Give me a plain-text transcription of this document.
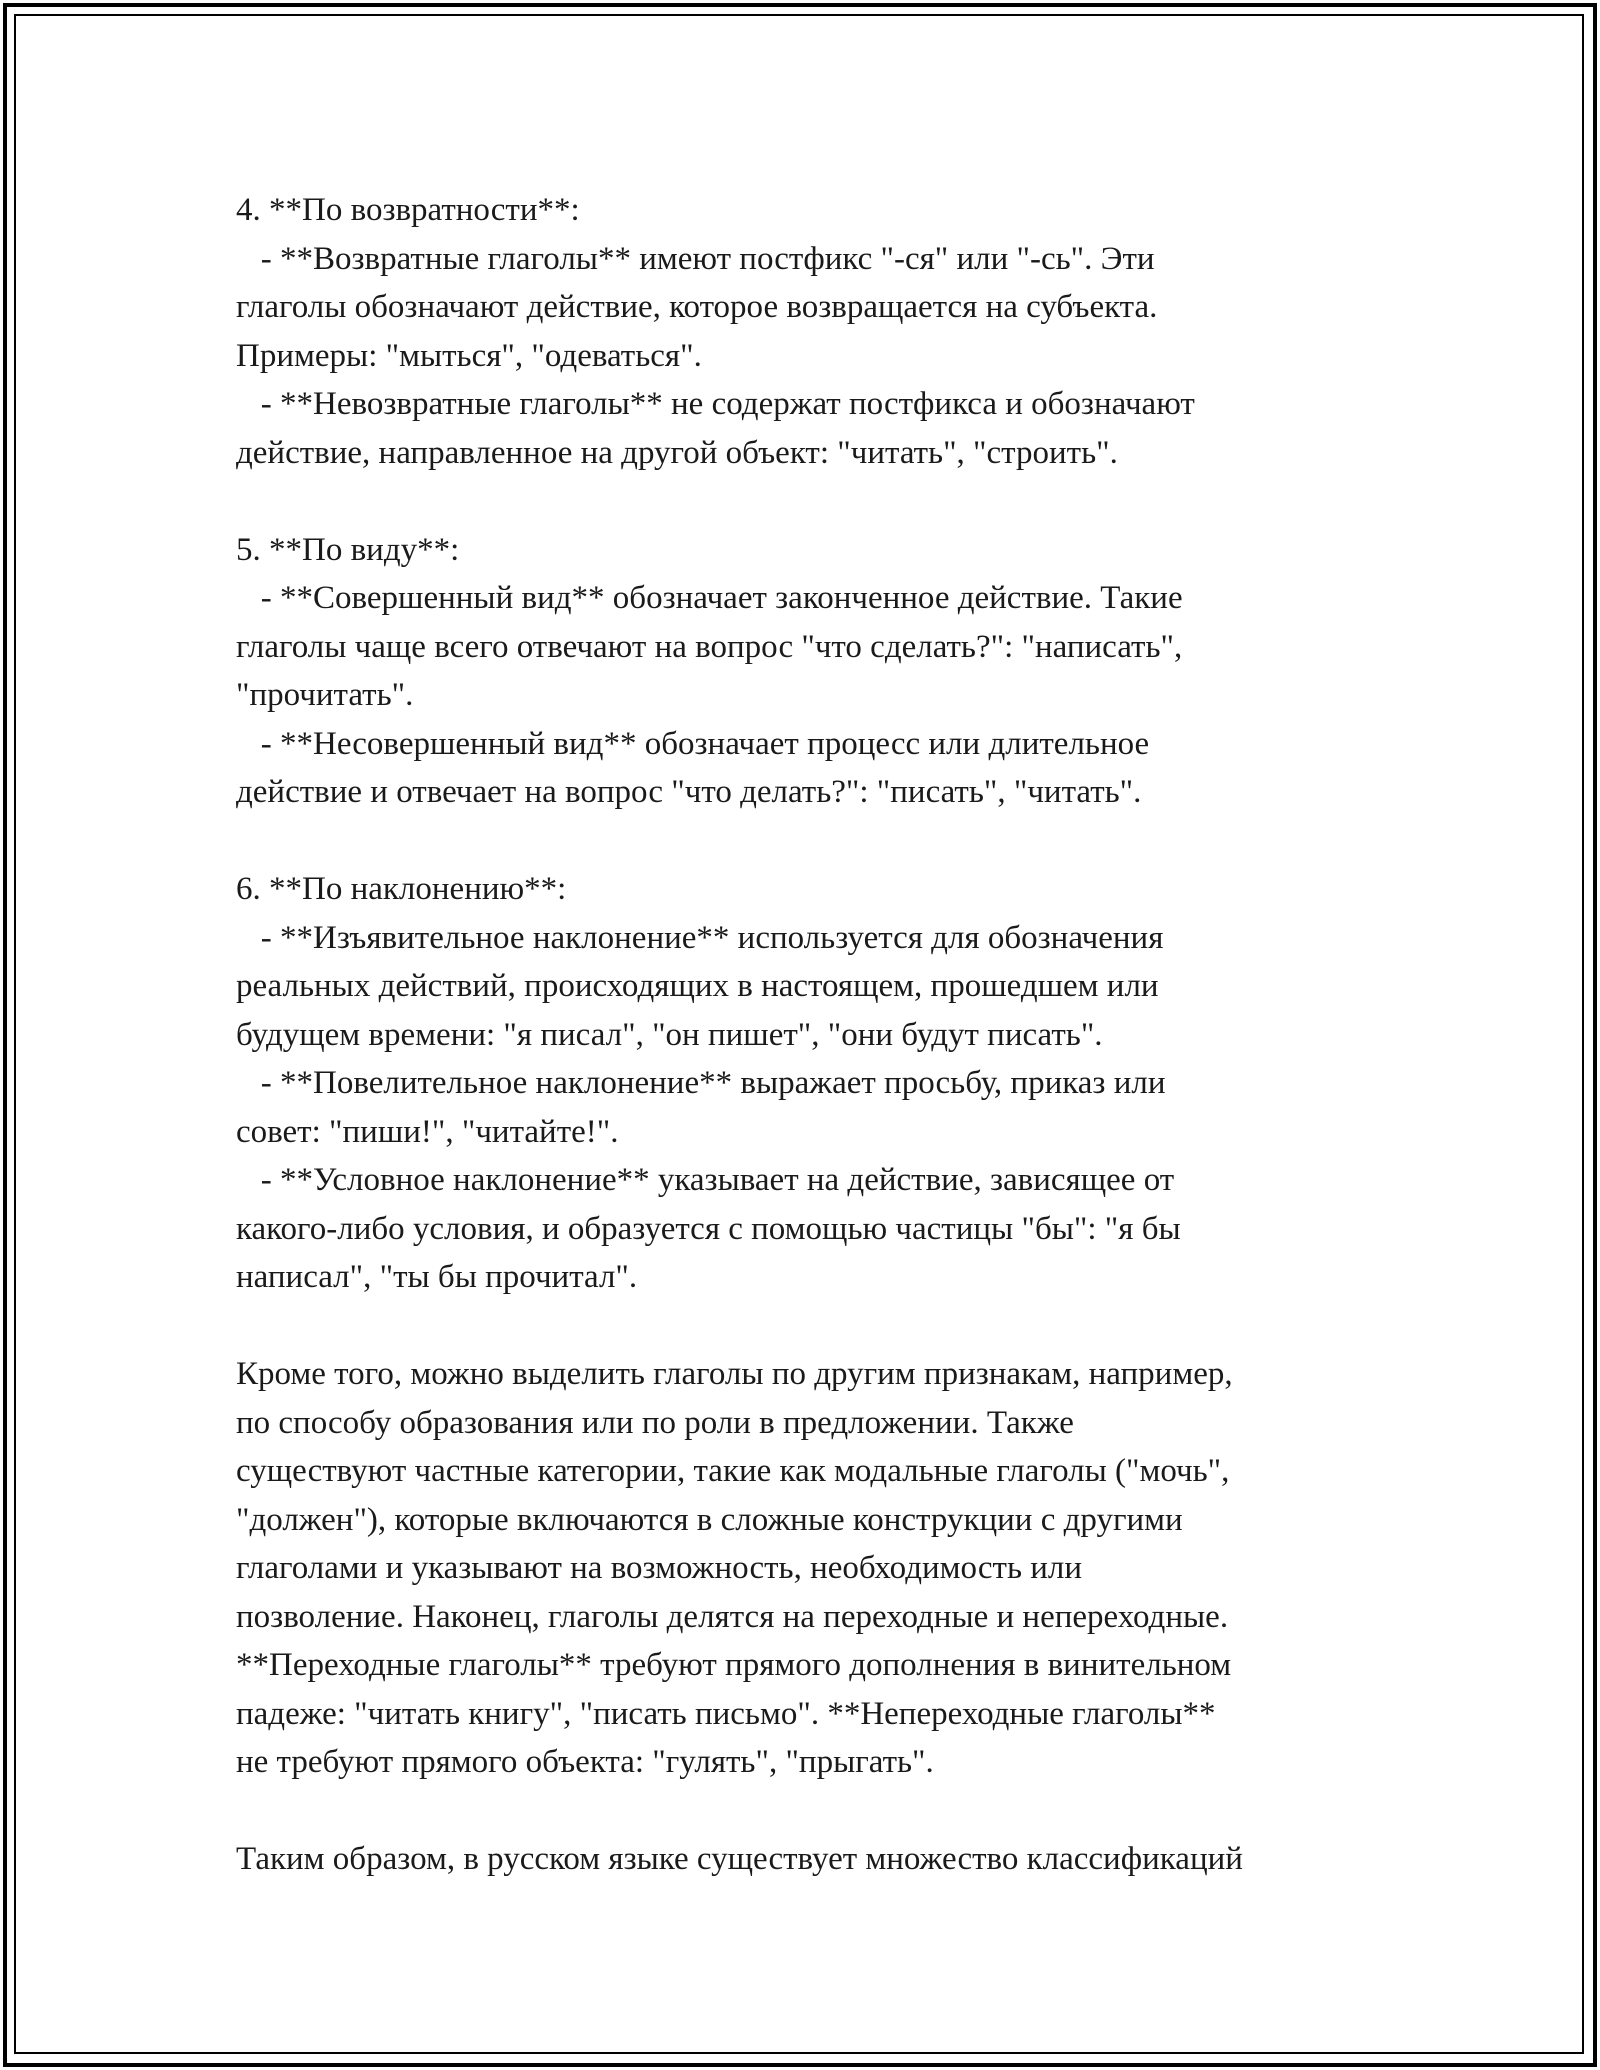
4. **По возвратности**:

- **Возвратные глаголы** имеют постфикс "-ся" или "-сь". Эти

глаголы обозначают действие, которое возвращается на субъекта.

Примеры: "мыться", "одеваться".

- **Невозвратные глаголы** не содержат постфикса и обозначают

действие, направленное на другой объект: "читать", "строить".

5. **По виду**:

- **Совершенный вид** обозначает законченное действие. Такие

глаголы чаще всего отвечают на вопрос "что сделать?": "написать",

"прочитать".

- **Несовершенный вид** обозначает процесс или длительное

действие и отвечает на вопрос "что делать?": "писать", "читать".

6. **По наклонению**:

- **Изъявительное наклонение** используется для обозначения

реальных действий, происходящих в настоящем, прошедшем или

будущем времени: "я писал", "он пишет", "они будут писать".

- **Повелительное наклонение** выражает просьбу, приказ или

совет: "пиши!", "читайте!".

- **Условное наклонение** указывает на действие, зависящее от

какого-либо условия, и образуется с помощью частицы "бы": "я бы

написал", "ты бы прочитал".

Кроме того, можно выделить глаголы по другим признакам, например,

по способу образования или по роли в предложении. Также

существуют частные категории, такие как модальные глаголы ("мочь",

"должен"), которые включаются в сложные конструкции с другими

глаголами и указывают на возможность, необходимость или

позволение. Наконец, глаголы делятся на переходные и непереходные.

**Переходные глаголы** требуют прямого дополнения в винительном

падеже: "читать книгу", "писать письмо". **Непереходные глаголы**

не требуют прямого объекта: "гулять", "прыгать".

Таким образом, в русском языке существует множество классификаций
